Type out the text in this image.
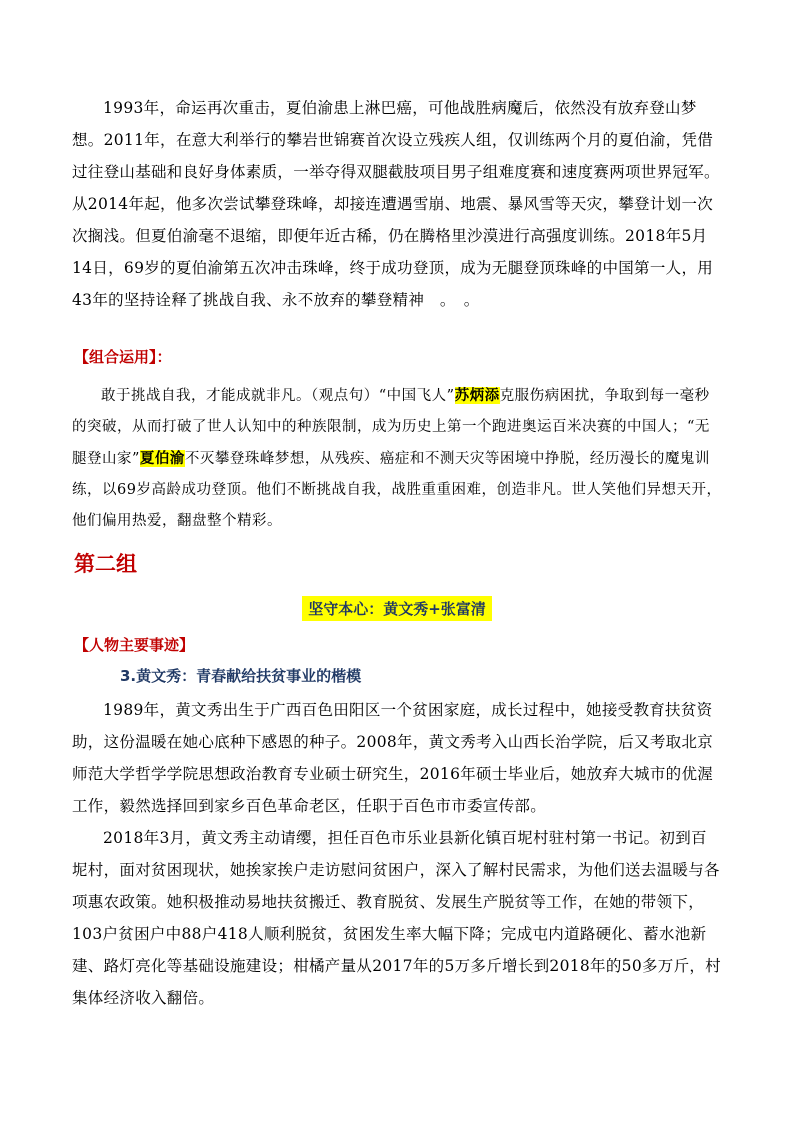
1993年，命运再次重击，夏伯渝患上淋巴癌，可他战胜病魔后，依然没有放弃登山梦想。2011年，在意大利举行的攀岩世锦赛首次设立残疾人组，仅训练两个月的夏伯渝，凭借过往登山基础和良好身体素质，一举夺得双腿截肢项目男子组难度赛和速度赛两项世界冠军。从2014年起，他多次尝试攀登珠峰，却接连遭遇雪崩、地震、暴风雪等天灾，攀登计划一次次搁浅。但夏伯渝毫不退缩，即便年近古稀，仍在腾格里沙漠进行高强度训练。2018年5月14日，69岁的夏伯渝第五次冲击珠峰，终于成功登顶，成为无腿登顶珠峰的中国第一人，用43年的坚持诠释了挑战自我、永不放弃的攀登精神　。　。

【组合运用】：

敢于挑战自我，才能成就非凡。（观点句）“中国飞人”苏炳添克服伤病困扰，争取到每一毫秒的突破，从而打破了世人认知中的种族限制，成为历史上第一个跑进奥运百米决赛的中国人；“无腿登山家”夏伯渝不灭攀登珠峰梦想，从残疾、癌症和不测天灾等困境中挣脱，经历漫长的魔鬼训练，以69岁高龄成功登顶。他们不断挑战自我，战胜重重困难，创造非凡。世人笑他们异想天开，他们偏用热爱，翻盘整个精彩。

第二组

坚守本心：黄文秀+张富清

【人物主要事迹】

3.黄文秀：青春献给扶贫事业的楷模

1989年，黄文秀出生于广西百色田阳区一个贫困家庭，成长过程中，她接受教育扶贫资助，这份温暖在她心底种下感恩的种子。2008年，黄文秀考入山西长治学院，后又考取北京师范大学哲学学院思想政治教育专业硕士研究生，2016年硕士毕业后，她放弃大城市的优渥工作，毅然选择回到家乡百色革命老区，任职于百色市市委宣传部。

2018年3月，黄文秀主动请缨，担任百色市乐业县新化镇百坭村驻村第一书记。初到百坭村，面对贫困现状，她挨家挨户走访慰问贫困户，深入了解村民需求，为他们送去温暖与各项惠农政策。她积极推动易地扶贫搬迁、教育脱贫、发展生产脱贫等工作，在她的带领下，103户贫困户中88户418人顺利脱贫，贫困发生率大幅下降；完成屯内道路硬化、蓄水池新建、路灯亮化等基础设施建设；柑橘产量从2017年的5万多斤增长到2018年的50多万斤，村集体经济收入翻倍。
